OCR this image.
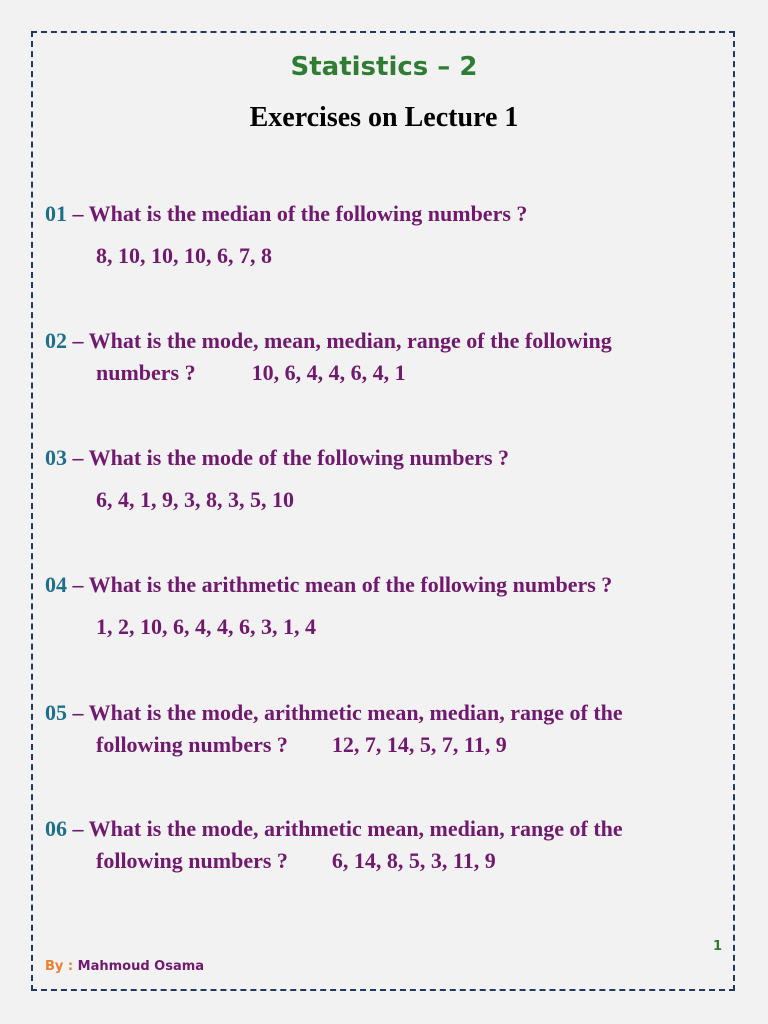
Statistics – 2
Exercises on Lecture 1
01 – What is the median of the following numbers ?
8, 10, 10, 10, 6, 7, 8
02 – What is the mode, mean, median, range of the following
numbers ?	10, 6, 4, 4, 6, 4, 1
03 – What is the mode of the following numbers ?
6, 4, 1, 9, 3, 8, 3, 5, 10
04 – What is the arithmetic mean of the following numbers ?
1, 2, 10, 6, 4, 4, 6, 3, 1, 4
05 – What is the mode, arithmetic mean, median, range of the
following numbers ? 12, 7, 14, 5, 7, 11, 9
06 – What is the mode, arithmetic mean, median, range of the
following numbers ? 6, 14, 8, 5, 3, 11, 9
1
By : Mahmoud Osama
